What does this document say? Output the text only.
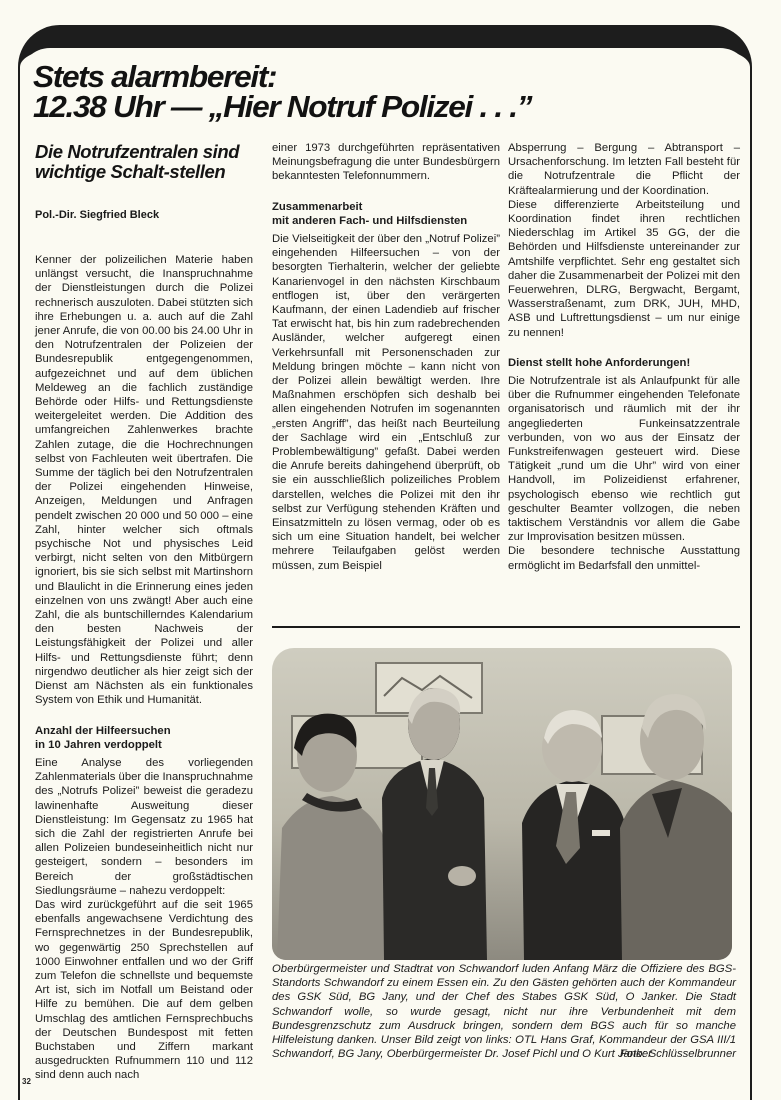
Stets alarmbereit:
12.38 Uhr — „Hier Notruf Polizei . . .”
Die Notrufzentralen sind wichtige Schalt-stellen
Pol.-Dir. Siegfried Bleck

Kenner der polizeilichen Materie haben unlängst versucht, die Inanspruchnahme der Dienstleistungen durch die Polizei rechnerisch auszuloten. Dabei stützten sich ihre Erhebungen u. a. auch auf die Zahl jener Anrufe, die von 00.00 bis 24.00 Uhr in den Notrufzentralen der Polizeien der Bundesrepublik entgegengenommen, aufgezeichnet und auf dem üblichen Meldeweg an die fachlich zuständige Behörde oder Hilfs- und Rettungsdienste weitergeleitet werden. Die Addition des umfangreichen Zahlenwerkes brachte Zahlen zutage, die die Hochrechnungen selbst von Fachleuten weit übertrafen. Die Summe der täglich bei den Notrufzentralen der Polizei eingehenden Hinweise, Anzeigen, Meldungen und Anfragen pendelt zwischen 20 000 und 50 000 – eine Zahl, hinter welcher sich oftmals psychische Not und physisches Leid verbirgt, nicht selten von den Mitbürgern ignoriert, bis sie sich selbst mit Martinshorn und Blaulicht in die Erinnerung eines jeden einzelnen von uns zwängt! Aber auch eine Zahl, die als buntschillerndes Kalendarium den besten Nachweis der Leistungsfähigkeit der Polizei und aller Hilfs- und Rettungsdienste führt; denn nirgendwo deutlicher als hier zeigt sich der Dienst am Nächsten als ein funktionales System von Ethik und Humanität.

Anzahl der Hilfeersuchen
in 10 Jahren verdoppelt

Eine Analyse des vorliegenden Zahlenmaterials über die Inanspruchnahme des „Notrufs Polizei” beweist die geradezu lawinenhafte Ausweitung dieser Dienstleistung: Im Gegensatz zu 1965 hat sich die Zahl der registrierten Anrufe bei allen Polizeien bundeseinheitlich nicht nur gesteigert, sondern – besonders im Bereich der großstädtischen Siedlungsräume – nahezu verdoppelt:

Das wird zurückgeführt auf die seit 1965 ebenfalls angewachsene Verdichtung des Fernsprechnetzes in der Bundesrepublik, wo gegenwärtig 250 Sprechstellen auf 1000 Einwohner entfallen und wo der Griff zum Telefon die schnellste und bequemste Art ist, sich im Notfall um Beistand oder Hilfe zu bemühen. Die auf dem gelben Umschlag des amtlichen Fernsprechbuchs der Deutschen Bundespost mit fetten Buchstaben und Ziffern markant ausgedruckten Rufnummern 110 und 112 sind denn auch nach

einer 1973 durchgeführten repräsentativen Meinungsbefragung die unter Bundesbürgern bekanntesten Telefonnummern.

Zusammenarbeit
mit anderen Fach- und Hilfsdiensten

Die Vielseitigkeit der über den „Notruf Polizei” eingehenden Hilfeersuchen – von der besorgten Tierhalterin, welcher der geliebte Kanarienvogel in den nächsten Kirschbaum entflogen ist, über den verärgerten Kaufmann, der einen Ladendieb auf frischer Tat erwischt hat, bis hin zum radebrechenden Ausländer, welcher aufgeregt einen Verkehrsunfall mit Personenschaden zur Meldung bringen möchte – kann nicht von der Polizei allein bewältigt werden. Ihre Maßnahmen erschöpfen sich deshalb bei allen eingehenden Notrufen im sogenannten „ersten Angriff”, das heißt nach Beurteilung der Sachlage wird ein „Entschluß zur Problembewältigung” gefaßt. Dabei werden die Anrufe bereits dahingehend überprüft, ob sie ein ausschließlich polizeiliches Problem darstellen, welches die Polizei mit den ihr selbst zur Verfügung stehenden Kräften und Einsatzmitteln zu lösen vermag, oder ob es sich um eine Situation handelt, bei welcher mehrere Teilaufgaben gelöst werden müssen, zum Beispiel

Absperrung – Bergung – Abtransport – Ursachenforschung. Im letzten Fall besteht für die Notrufzentrale die Pflicht der Kräftealarmierung und der Koordination.

Diese differenzierte Arbeitsteilung und Koordination findet ihren rechtlichen Niederschlag im Artikel 35 GG, der die Behörden und Hilfsdienste untereinander zur Amtshilfe verpflichtet. Sehr eng gestaltet sich daher die Zusammenarbeit der Polizei mit den Feuerwehren, DLRG, Bergwacht, Bergamt, Wasserstraßenamt, zum DRK, JUH, MHD, ASB und Luftrettungsdienst – um nur einige zu nennen!

Dienst stellt hohe Anforderungen!

Die Notrufzentrale ist als Anlaufpunkt für alle über die Rufnummer eingehenden Telefonate organisatorisch und räumlich mit der ihr angegliederten Funkeinsatzzentrale verbunden, von wo aus der Einsatz der Funkstreifenwagen gesteuert wird. Diese Tätigkeit „rund um die Uhr” wird von einer Handvoll, im Polizeidienst erfahrener, psychologisch ebenso wie rechtlich gut geschulter Beamter vollzogen, die neben taktischem Verständnis vor allem die Gabe zur Improvisation besitzen müssen.

Die besondere technische Ausstattung ermöglicht im Bedarfsfall den unmittel-

Oberbürgermeister und Stadtrat von Schwandorf luden Anfang März die Offiziere des BGS-Standorts Schwandorf zu einem Essen ein. Zu den Gästen gehörten auch der Kommandeur des GSK Süd, BG Jany, und der Chef des Stabes GSK Süd, O Janker. Die Stadt Schwandorf wolle, so wurde gesagt, nicht nur ihre Verbundenheit mit dem Bundesgrenzschutz zum Ausdruck bringen, sondern dem BGS auch für so manche Hilfeleistung danken. Unser Bild zeigt von links: OTL Hans Graf, Kommandeur der GSA III/1 Schwandorf, BG Jany, Oberbürgermeister Dr. Josef Pichl und O Kurt Janker
Foto: Schlüsselbrunner
32
